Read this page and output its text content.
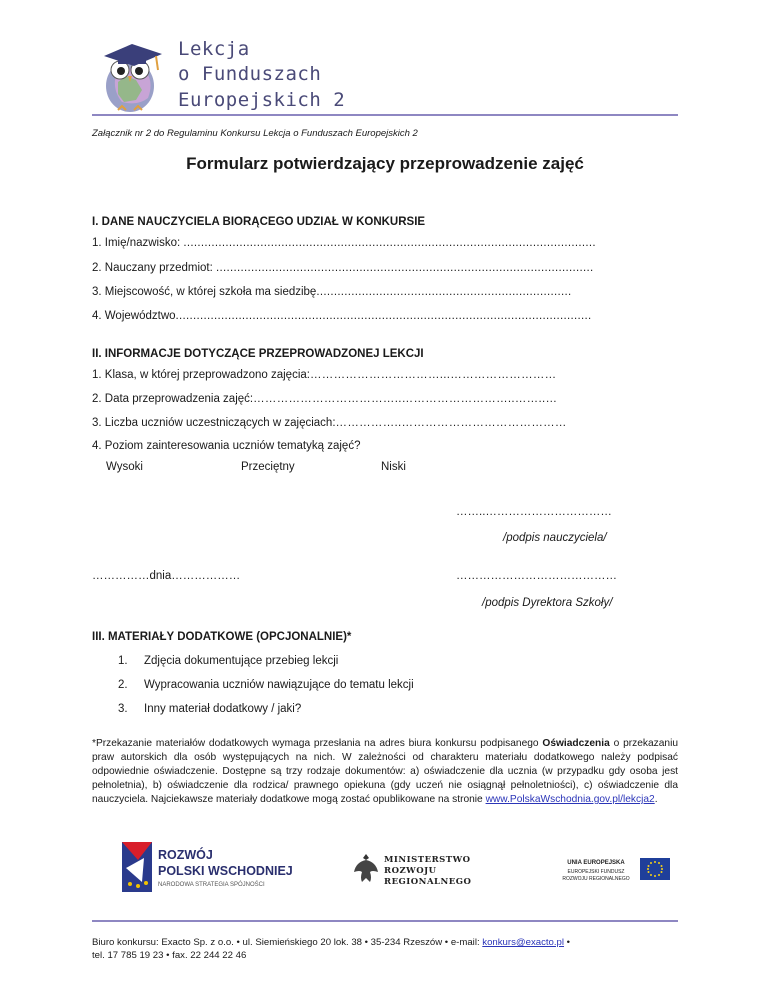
Lekcja
o Funduszach
Europejskich 2
Załącznik nr 2 do Regulaminu Konkursu Lekcja o Funduszach Europejskich 2
Formularz potwierdzający przeprowadzenie zajęć
I. DANE NAUCZYCIELA BIORĄCEGO UDZIAŁ W KONKURSIE
1. Imię/nazwisko: ......................................................................................................................
2. Nauczany przedmiot: ............................................................................................................
3. Miejscowość, w której szkoła ma siedzibę.........................................................................
4. Województwo.......................................................................................................................
II. INFORMACJE DOTYCZĄCE PRZEPROWADZONEJ LEKCJI
1. Klasa, w której przeprowadzono zajęcia:……………………………...………………………
2. Data przeprowadzenia zajęć:………………………………..………………………..……..…
3. Liczba uczniów uczestniczących w zajęciach:……………..……………………………………
4. Poziom zainteresowania uczniów tematyką zajęć?
Wysoki	Przeciętny	Niski
……..……………………………
/podpis nauczyciela/
……………dnia………………	……………………………………
/podpis Dyrektora Szkoły/
III. MATERIAŁY DODATKOWE (OPCJONALNIE)*
1. Zdjęcia dokumentujące przebieg lekcji
2. Wypracowania uczniów nawiązujące do tematu lekcji
3. Inny materiał dodatkowy / jaki?
*Przekazanie materiałów dodatkowych wymaga przesłania na adres biura konkursu podpisanego Oświadczenia o przekazaniu praw autorskich dla osób występujących na nich. W zależności od charakteru materiału dodatkowego należy podpisać odpowiednie oświadczenie. Dostępne są trzy rodzaje dokumentów: a) oświadczenie dla ucznia (w przypadku gdy osoba jest pełnoletnia), b) oświadczenie dla rodzica/ prawnego opiekuna (gdy uczeń nie osiągnął pełnoletniości), c) oświadczenie dla nauczyciela. Najciekawsze materiały dodatkowe mogą zostać opublikowane na stronie www.PolskaWschodnia.gov.pl/lekcja2.
ROZWÓJ
POLSKI WSCHODNIEJ
NARODOWA STRATEGIA SPÓJNOŚCI
MINISTERSTWO
ROZWOJU
REGIONALNEGO
UNIA EUROPEJSKA
EUROPEJSKI FUNDUSZ
ROZWOJU REGIONALNEGO
Biuro konkursu: Exacto Sp. z o.o. • ul. Siemieńskiego 20 lok. 38 • 35-234 Rzeszów • e-mail: konkurs@exacto.pl •
tel. 17 785 19 23 • fax. 22 244 22 46
